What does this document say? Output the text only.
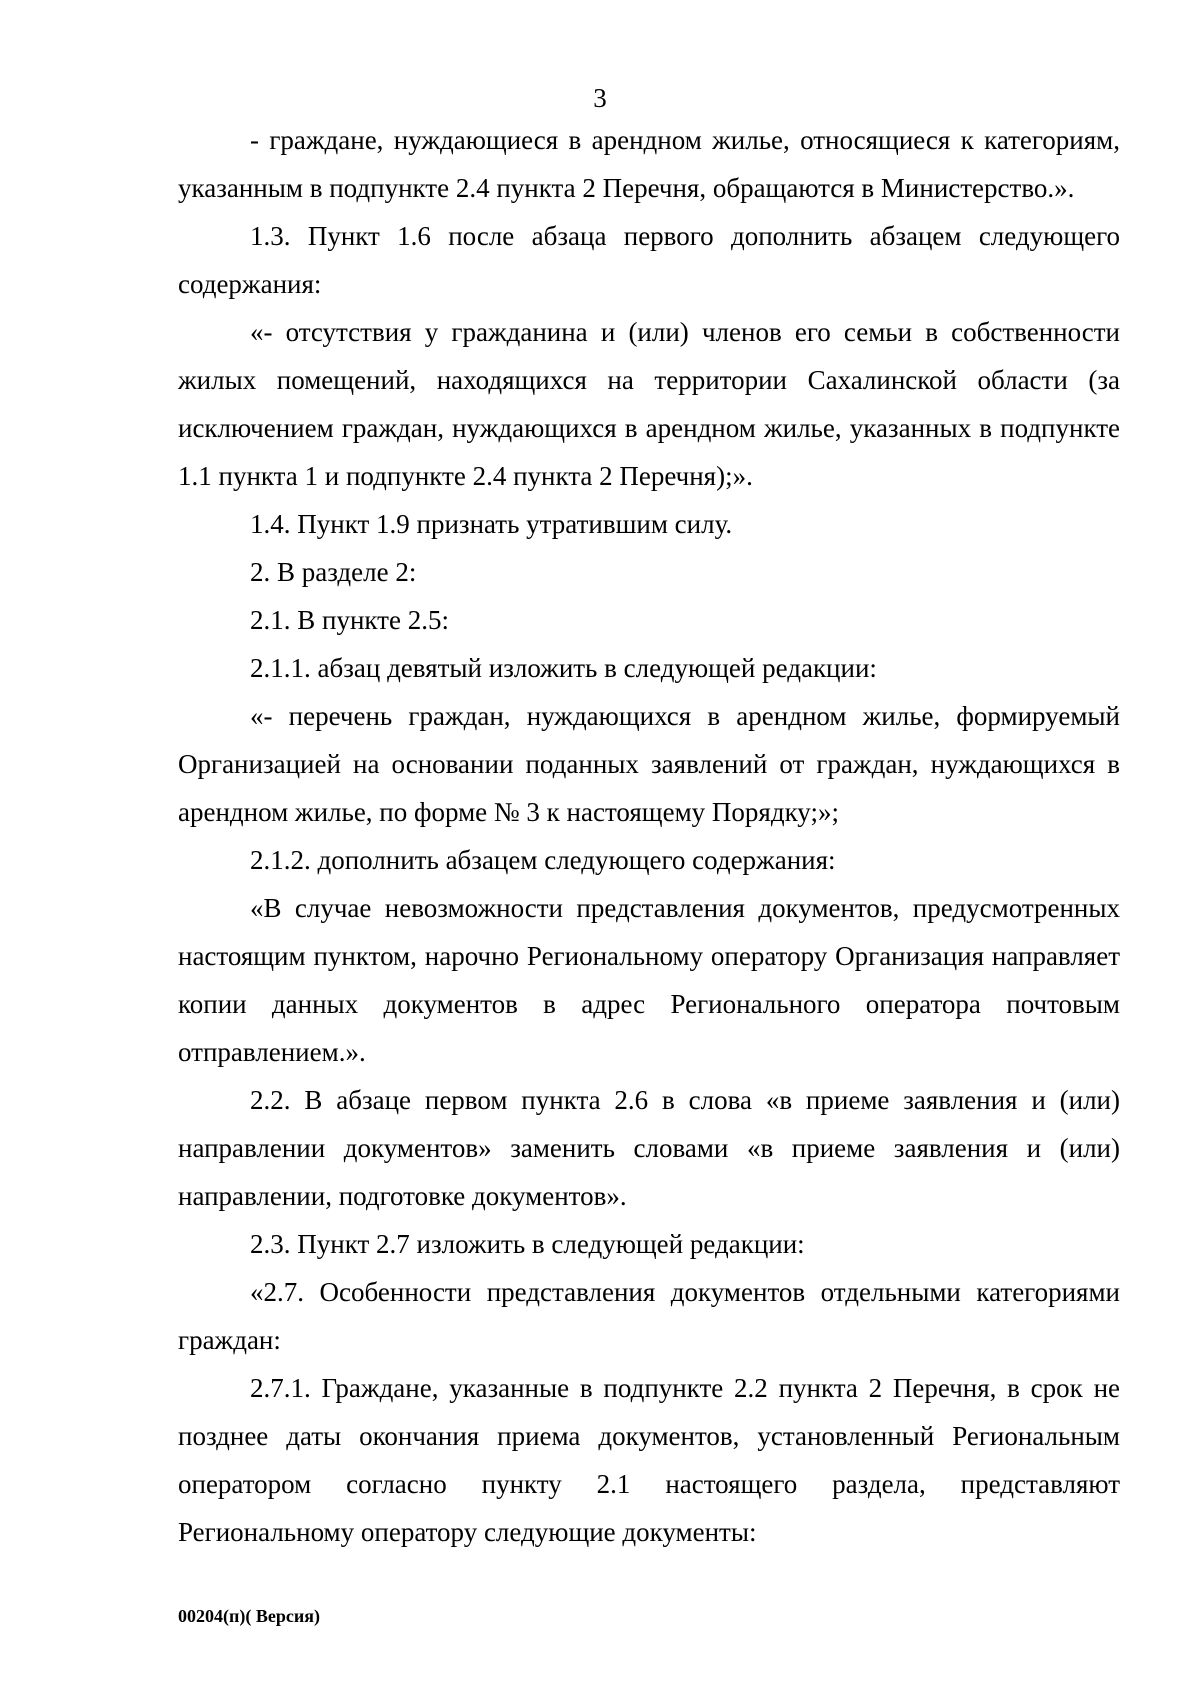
3

- граждане, нуждающиеся в арендном жилье, относящиеся к категориям, указанным в подпункте 2.4 пункта 2 Перечня, обращаются в Министерство.».

1.3. Пункт 1.6 после абзаца первого дополнить абзацем следующего содержания:

«- отсутствия у гражданина и (или) членов его семьи в собственности жилых помещений, находящихся на территории Сахалинской области (за исключением граждан, нуждающихся в арендном жилье, указанных в подпункте 1.1 пункта 1 и подпункте 2.4 пункта 2 Перечня);».

1.4. Пункт 1.9 признать утратившим силу.

2. В разделе 2:

2.1. В пункте 2.5:

2.1.1. абзац девятый изложить в следующей редакции:

«- перечень граждан, нуждающихся в арендном жилье, формируемый Организацией на основании поданных заявлений от граждан, нуждающихся в арендном жилье, по форме № 3 к настоящему Порядку;»;

2.1.2. дополнить абзацем следующего содержания:

«В случае невозможности представления документов, предусмотренных настоящим пунктом, нарочно Региональному оператору Организация направляет копии данных документов в адрес Регионального оператора почтовым отправлением.».

2.2. В абзаце первом пункта 2.6 в слова «в приеме заявления и (или) направлении документов» заменить словами «в приеме заявления и (или) направлении, подготовке документов».

2.3. Пункт 2.7 изложить в следующей редакции:

«2.7. Особенности представления документов отдельными категориями граждан:

2.7.1. Граждане, указанные в подпункте 2.2 пункта 2 Перечня, в срок не позднее даты окончания приема документов, установленный Региональным оператором согласно пункту 2.1 настоящего раздела, представляют Региональному оператору следующие документы:

00204(п)( Версия)
